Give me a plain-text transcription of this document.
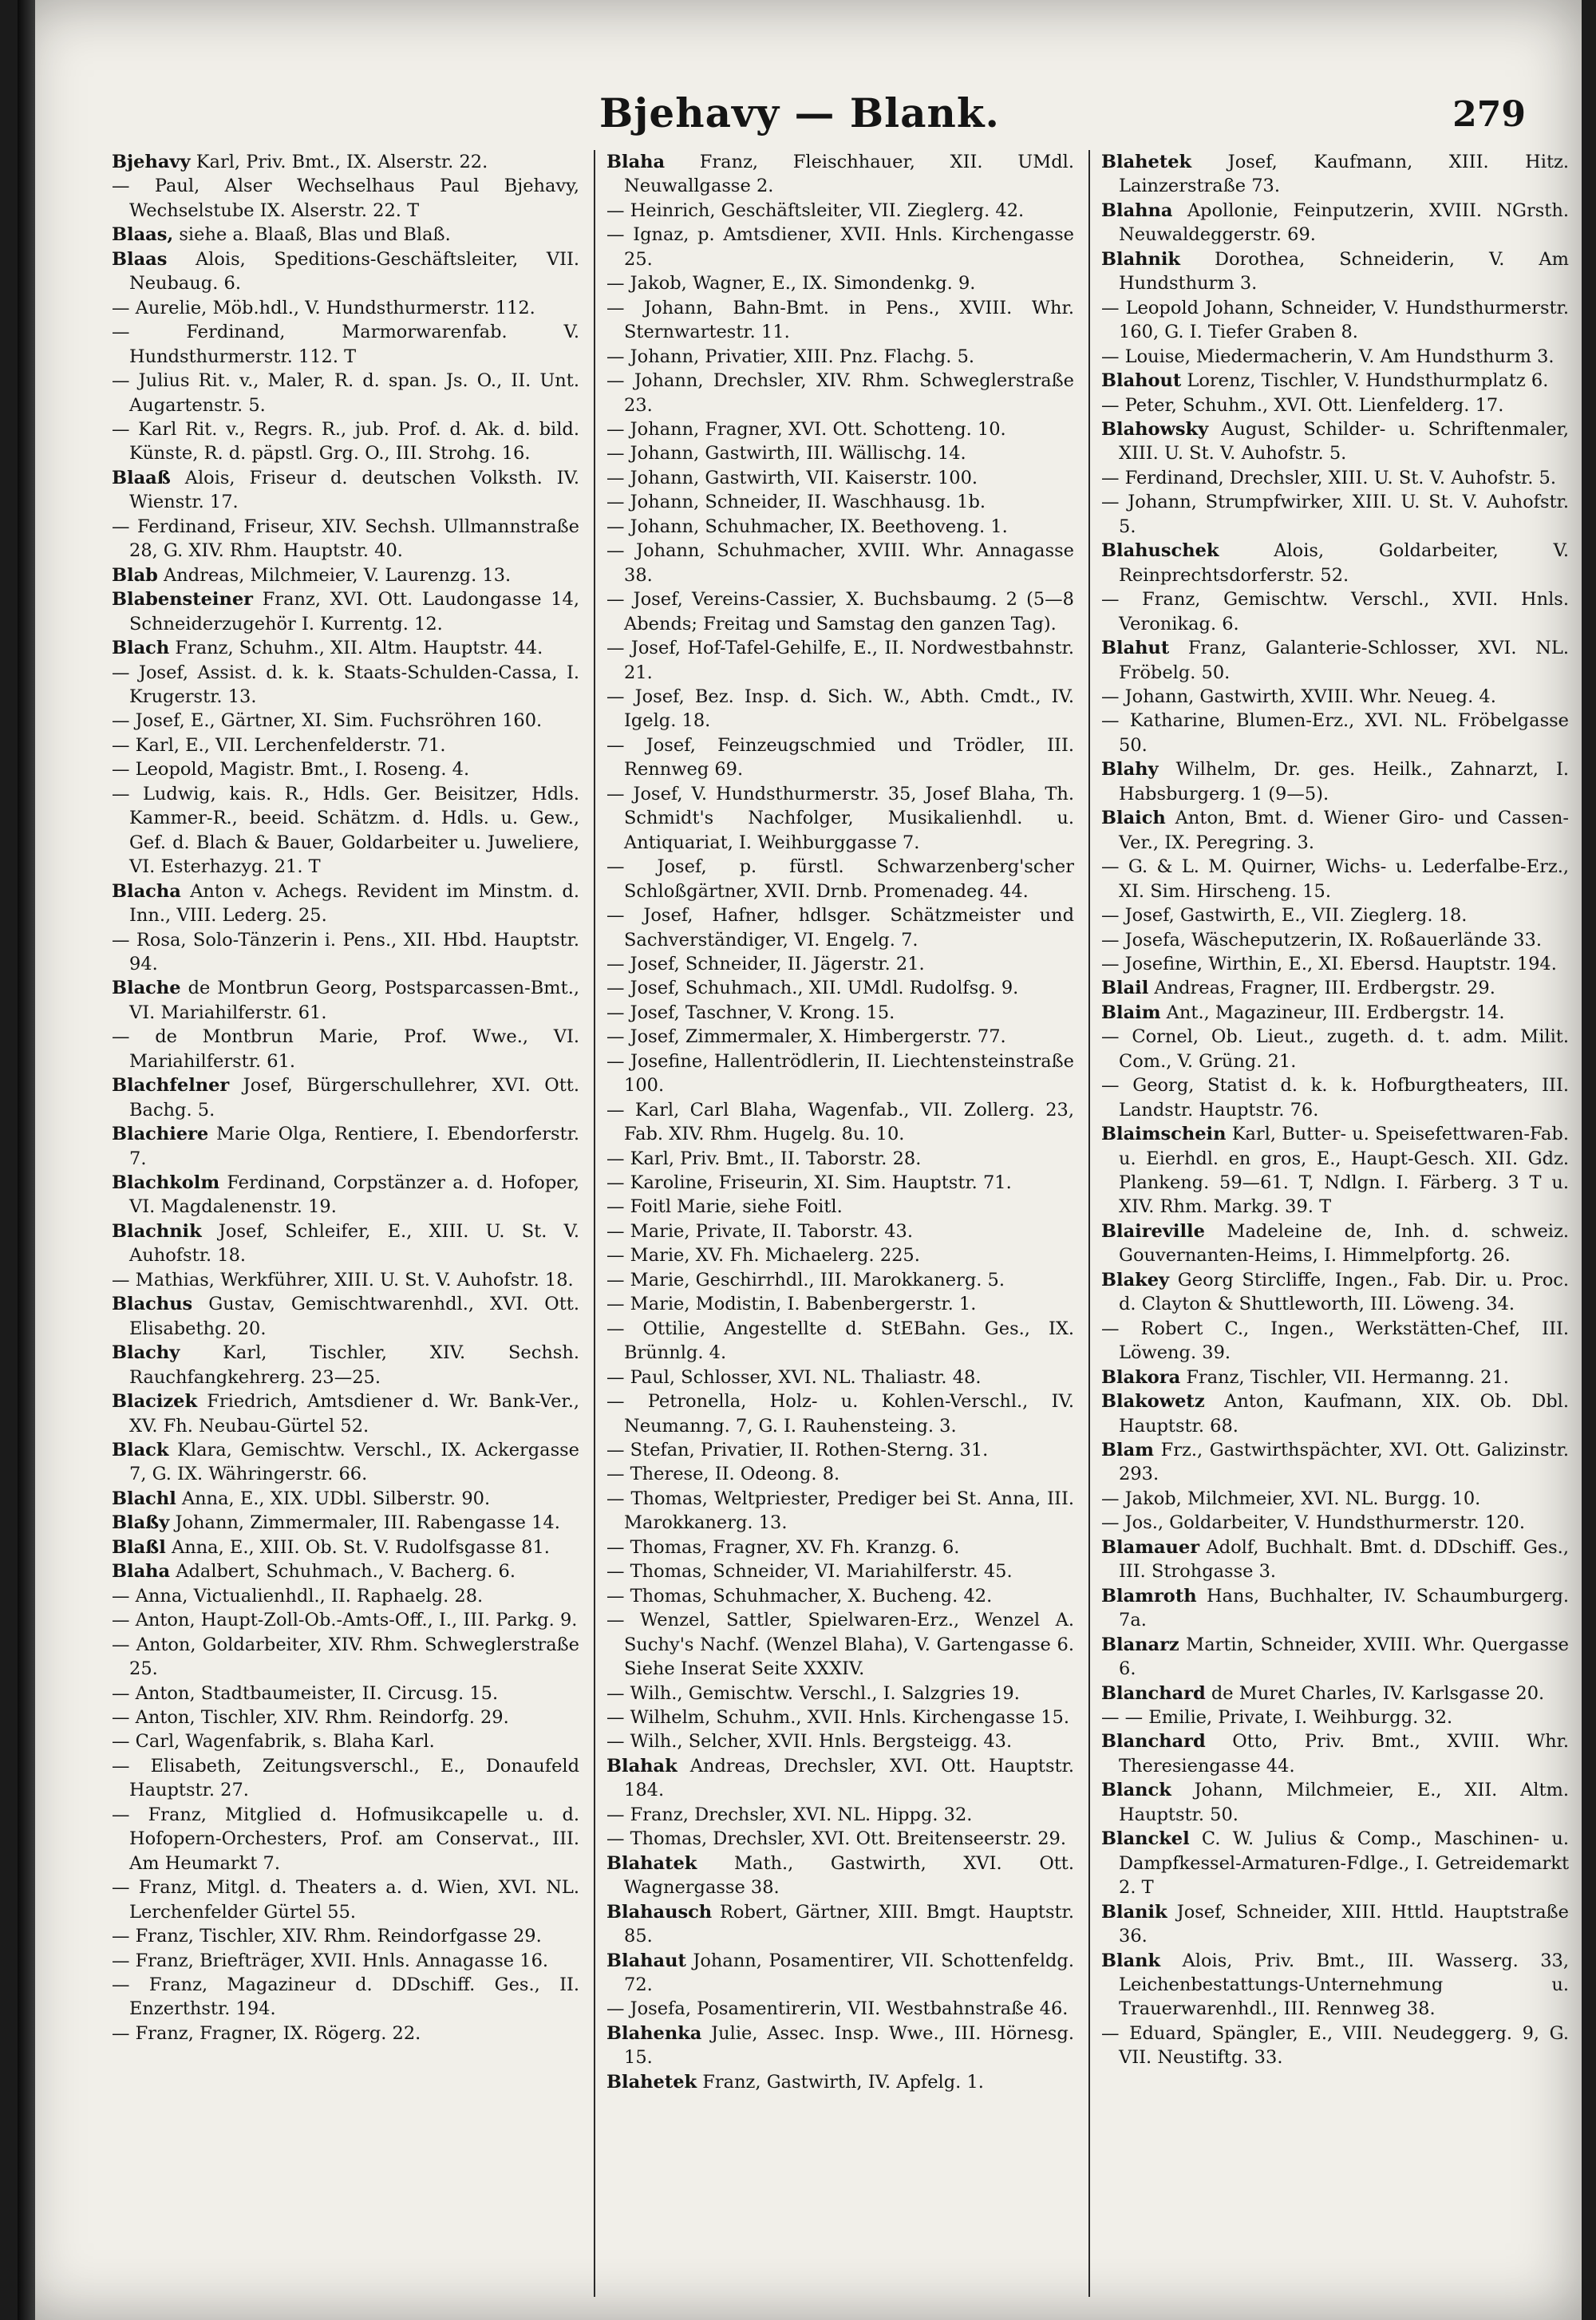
Bjehavy — Blank.	279

Bjehavy Karl, Priv. Bmt., IX. Alserstr. 22.

— Paul, Alser Wechselhaus Paul Bjehavy, Wechselstube IX. Alserstr. 22. T

Blaas, siehe a. Blaaß, Blas und Blaß.

Blaas Alois, Speditions-Geschäftsleiter, VII. Neubaug. 6.

— Aurelie, Möb.hdl., V. Hundsthurmerstr. 112.

— Ferdinand, Marmorwarenfab. V. Hundsthurmerstr. 112. T

— Julius Rit. v., Maler, R. d. span. Js. O., II. Unt. Augartenstr. 5.

— Karl Rit. v., Regrs. R., jub. Prof. d. Ak. d. bild. Künste, R. d. päpstl. Grg. O., III. Strohg. 16.

Blaaß Alois, Friseur d. deutschen Volksth. IV. Wienstr. 17.

— Ferdinand, Friseur, XIV. Sechsh. Ullmannstraße 28, G. XIV. Rhm. Hauptstr. 40.

Blab Andreas, Milchmeier, V. Laurenzg. 13.

Blabensteiner Franz, XVI. Ott. Laudongasse 14, Schneiderzugehör I. Kurrentg. 12.

Blach Franz, Schuhm., XII. Altm. Hauptstr. 44.

— Josef, Assist. d. k. k. Staats-Schulden-Cassa, I. Krugerstr. 13.

— Josef, E., Gärtner, XI. Sim. Fuchsröhren 160.

— Karl, E., VII. Lerchenfelderstr. 71.

— Leopold, Magistr. Bmt., I. Roseng. 4.

— Ludwig, kais. R., Hdls. Ger. Beisitzer, Hdls. Kammer-R., beeid. Schätzm. d. Hdls. u. Gew., Gef. d. Blach & Bauer, Goldarbeiter u. Juweliere, VI. Esterhazyg. 21. T

Blacha Anton v. Achegs. Revident im Minstm. d. Inn., VIII. Lederg. 25.

— Rosa, Solo-Tänzerin i. Pens., XII. Hbd. Hauptstr. 94.

Blache de Montbrun Georg, Postsparcassen-Bmt., VI. Mariahilferstr. 61.

— de Montbrun Marie, Prof. Wwe., VI. Mariahilferstr. 61.

Blachfelner Josef, Bürgerschullehrer, XVI. Ott. Bachg. 5.

Blachiere Marie Olga, Rentiere, I. Ebendorferstr. 7.

Blachkolm Ferdinand, Corpstänzer a. d. Hofoper, VI. Magdalenenstr. 19.

Blachnik Josef, Schleifer, E., XIII. U. St. V. Auhofstr. 18.

— Mathias, Werkführer, XIII. U. St. V. Auhofstr. 18.

Blachus Gustav, Gemischtwarenhdl., XVI. Ott. Elisabethg. 20.

Blachy Karl, Tischler, XIV. Sechsh. Rauchfangkehrerg. 23—25.

Blacizek Friedrich, Amtsdiener d. Wr. Bank-Ver., XV. Fh. Neubau-Gürtel 52.

Black Klara, Gemischtw. Verschl., IX. Ackergasse 7, G. IX. Währingerstr. 66.

Blachl Anna, E., XIX. UDbl. Silberstr. 90.

Blaßy Johann, Zimmermaler, III. Rabengasse 14.

Blaßl Anna, E., XIII. Ob. St. V. Rudolfsgasse 81.

Blaha Adalbert, Schuhmach., V. Bacherg. 6.

— Anna, Victualienhdl., II. Raphaelg. 28.

— Anton, Haupt-Zoll-Ob.-Amts-Off., I., III. Parkg. 9.

— Anton, Goldarbeiter, XIV. Rhm. Schweglerstraße 25.

— Anton, Stadtbaumeister, II. Circusg. 15.

— Anton, Tischler, XIV. Rhm. Reindorfg. 29.

— Carl, Wagenfabrik, s. Blaha Karl.

— Elisabeth, Zeitungsverschl., E., Donaufeld Hauptstr. 27.

— Franz, Mitglied d. Hofmusikcapelle u. d. Hofopern-Orchesters, Prof. am Conservat., III. Am Heumarkt 7.

— Franz, Mitgl. d. Theaters a. d. Wien, XVI. NL. Lerchenfelder Gürtel 55.

— Franz, Tischler, XIV. Rhm. Reindorfgasse 29.

— Franz, Briefträger, XVII. Hnls. Annagasse 16.

— Franz, Magazineur d. DDschiff. Ges., II. Enzerthstr. 194.

— Franz, Fragner, IX. Rögerg. 22.

Blaha Franz, Fleischhauer, XII. UMdl. Neuwallgasse 2.

— Heinrich, Geschäftsleiter, VII. Zieglerg. 42.

— Ignaz, p. Amtsdiener, XVII. Hnls. Kirchengasse 25.

— Jakob, Wagner, E., IX. Simondenkg. 9.

— Johann, Bahn-Bmt. in Pens., XVIII. Whr. Sternwartestr. 11.

— Johann, Privatier, XIII. Pnz. Flachg. 5.

— Johann, Drechsler, XIV. Rhm. Schweglerstraße 23.

— Johann, Fragner, XVI. Ott. Schotteng. 10.

— Johann, Gastwirth, III. Wällischg. 14.

— Johann, Gastwirth, VII. Kaiserstr. 100.

— Johann, Schneider, II. Waschhausg. 1b.

— Johann, Schuhmacher, IX. Beethoveng. 1.

— Johann, Schuhmacher, XVIII. Whr. Annagasse 38.

— Josef, Vereins-Cassier, X. Buchsbaumg. 2 (5—8 Abends; Freitag und Samstag den ganzen Tag).

— Josef, Hof-Tafel-Gehilfe, E., II. Nordwestbahnstr. 21.

— Josef, Bez. Insp. d. Sich. W., Abth. Cmdt., IV. Igelg. 18.

— Josef, Feinzeugschmied und Trödler, III. Rennweg 69.

— Josef, V. Hundsthurmerstr. 35, Josef Blaha, Th. Schmidt's Nachfolger, Musikalienhdl. u. Antiquariat, I. Weihburggasse 7.

— Josef, p. fürstl. Schwarzenberg'scher Schloßgärtner, XVII. Drnb. Promenadeg. 44.

— Josef, Hafner, hdlsger. Schätzmeister und Sachverständiger, VI. Engelg. 7.

— Josef, Schneider, II. Jägerstr. 21.

— Josef, Schuhmach., XII. UMdl. Rudolfsg. 9.

— Josef, Taschner, V. Krong. 15.

— Josef, Zimmermaler, X. Himbergerstr. 77.

— Josefine, Hallentrödlerin, II. Liechtensteinstraße 100.

— Karl, Carl Blaha, Wagenfab., VII. Zollerg. 23, Fab. XIV. Rhm. Hugelg. 8u. 10.

— Karl, Priv. Bmt., II. Taborstr. 28.

— Karoline, Friseurin, XI. Sim. Hauptstr. 71.

— Foitl Marie, siehe Foitl.

— Marie, Private, II. Taborstr. 43.

— Marie, XV. Fh. Michaelerg. 225.

— Marie, Geschirrhdl., III. Marokkanerg. 5.

— Marie, Modistin, I. Babenbergerstr. 1.

— Ottilie, Angestellte d. StEBahn. Ges., IX. Brünnlg. 4.

— Paul, Schlosser, XVI. NL. Thaliastr. 48.

— Petronella, Holz- u. Kohlen-Verschl., IV. Neumanng. 7, G. I. Rauhensteing. 3.

— Stefan, Privatier, II. Rothen-Sterng. 31.

— Therese, II. Odeong. 8.

— Thomas, Weltpriester, Prediger bei St. Anna, III. Marokkanerg. 13.

— Thomas, Fragner, XV. Fh. Kranzg. 6.

— Thomas, Schneider, VI. Mariahilferstr. 45.

— Thomas, Schuhmacher, X. Bucheng. 42.

— Wenzel, Sattler, Spielwaren-Erz., Wenzel A. Suchy's Nachf. (Wenzel Blaha), V. Gartengasse 6. Siehe Inserat Seite XXXIV.

— Wilh., Gemischtw. Verschl., I. Salzgries 19.

— Wilhelm, Schuhm., XVII. Hnls. Kirchengasse 15.

— Wilh., Selcher, XVII. Hnls. Bergsteigg. 43.

Blahak Andreas, Drechsler, XVI. Ott. Hauptstr. 184.

— Franz, Drechsler, XVI. NL. Hippg. 32.

— Thomas, Drechsler, XVI. Ott. Breitenseerstr. 29.

Blahatek Math., Gastwirth, XVI. Ott. Wagnergasse 38.

Blahausch Robert, Gärtner, XIII. Bmgt. Hauptstr. 85.

Blahaut Johann, Posamentirer, VII. Schottenfeldg. 72.

— Josefa, Posamentirerin, VII. Westbahnstraße 46.

Blahenka Julie, Assec. Insp. Wwe., III. Hörnesg. 15.

Blahetek Franz, Gastwirth, IV. Apfelg. 1.

Blahetek Josef, Kaufmann, XIII. Hitz. Lainzerstraße 73.

Blahna Apollonie, Feinputzerin, XVIII. NGrsth. Neuwaldeggerstr. 69.

Blahnik Dorothea, Schneiderin, V. Am Hundsthurm 3.

— Leopold Johann, Schneider, V. Hundsthurmerstr. 160, G. I. Tiefer Graben 8.

— Louise, Miedermacherin, V. Am Hundsthurm 3.

Blahout Lorenz, Tischler, V. Hundsthurmplatz 6.

— Peter, Schuhm., XVI. Ott. Lienfelderg. 17.

Blahowsky August, Schilder- u. Schriftenmaler, XIII. U. St. V. Auhofstr. 5.

— Ferdinand, Drechsler, XIII. U. St. V. Auhofstr. 5.

— Johann, Strumpfwirker, XIII. U. St. V. Auhofstr. 5.

Blahuschek	Alois, Goldarbeiter, V. Reinprechtsdorferstr. 52.

— Franz, Gemischtw. Verschl., XVII. Hnls. Veronikag. 6.

Blahut Franz, Galanterie-Schlosser, XVI. NL. Fröbelg. 50.

— Johann, Gastwirth, XVIII. Whr. Neueg. 4.

— Katharine, Blumen-Erz., XVI. NL. Fröbelgasse 50.

Blahy Wilhelm, Dr. ges. Heilk., Zahnarzt, I. Habsburgerg. 1 (9—5).

Blaich Anton, Bmt. d. Wiener Giro- und Cassen-Ver., IX. Peregring. 3.

— G. & L. M. Quirner, Wichs- u. Lederfalbe-Erz., XI. Sim. Hirscheng. 15.

— Josef, Gastwirth, E., VII. Zieglerg. 18.

— Josefa, Wäscheputzerin, IX. Roßauerlände 33.

— Josefine, Wirthin, E., XI. Ebersd. Hauptstr. 194.

Blail Andreas, Fragner, III. Erdbergstr. 29.

Blaim Ant., Magazineur, III. Erdbergstr. 14.

— Cornel, Ob. Lieut., zugeth. d. t. adm. Milit. Com., V. Grüng. 21.

— Georg, Statist d. k. k. Hofburgtheaters, III. Landstr. Hauptstr. 76.

Blaimschein Karl, Butter- u. Speisefettwaren-Fab. u. Eierhdl. en gros, E., Haupt-Gesch. XII. Gdz. Plankeng. 59—61. T, Ndlgn. I. Färberg. 3 T u. XIV. Rhm. Markg. 39. T

Blaireville Madeleine de, Inh. d. schweiz. Gouvernanten-Heims, I. Himmelpfortg. 26.

Blakey Georg Stircliffe, Ingen., Fab. Dir. u. Proc. d. Clayton & Shuttleworth, III. Löweng. 34.

— Robert C., Ingen., Werkstätten-Chef, III. Löweng. 39.

Blakora Franz, Tischler, VII. Hermanng. 21.

Blakowetz Anton, Kaufmann, XIX. Ob. Dbl. Hauptstr. 68.

Blam Frz., Gastwirthspächter, XVI. Ott. Galizinstr. 293.

— Jakob, Milchmeier, XVI. NL. Burgg. 10.

— Jos., Goldarbeiter, V. Hundsthurmerstr. 120.

Blamauer Adolf, Buchhalt. Bmt. d. DDschiff. Ges., III. Strohgasse 3.

Blamroth Hans, Buchhalter, IV. Schaumburgerg. 7a.

Blanarz Martin, Schneider, XVIII. Whr. Quergasse 6.

Blanchard de Muret Charles, IV. Karlsgasse 20.

— — Emilie, Private, I. Weihburgg. 32.

Blanchard Otto, Priv. Bmt., XVIII. Whr. Theresiengasse 44.

Blanck Johann, Milchmeier, E., XII. Altm. Hauptstr. 50.

Blanckel C. W. Julius & Comp., Maschinen- u. Dampfkessel-Armaturen-Fdlge., I. Getreidemarkt 2. T

Blanik Josef, Schneider, XIII. Httld. Hauptstraße 36.

Blank Alois, Priv. Bmt., III. Wasserg. 33, Leichenbestattungs-Unternehmung u. Trauerwarenhdl., III. Rennweg 38.

— Eduard, Spängler, E., VIII. Neudeggerg. 9, G. VII. Neustiftg. 33.
